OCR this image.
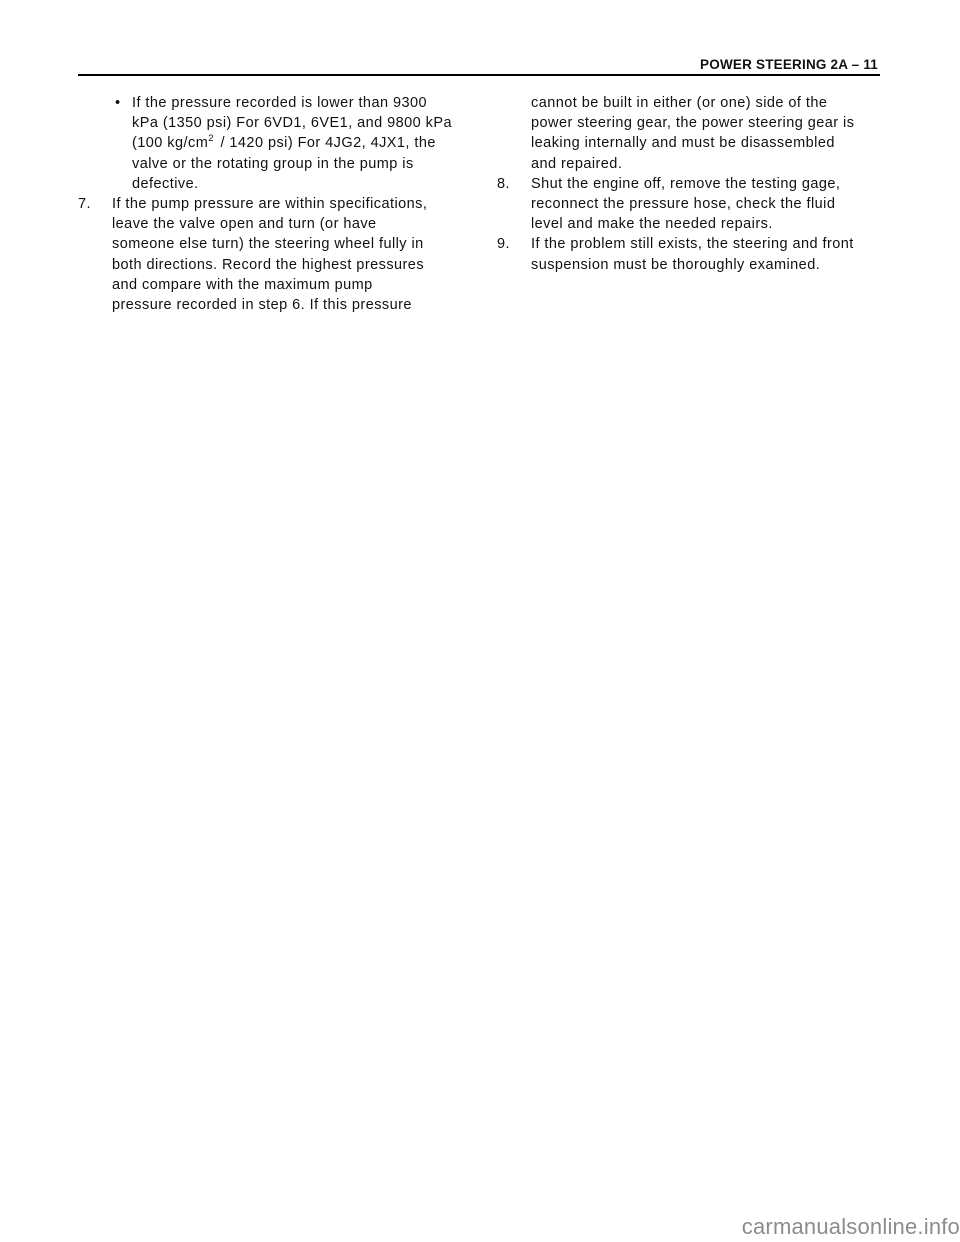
POWER STEERING 2A – 11
• If the pressure recorded is lower than 9300
kPa (1350 psi) For 6VD1, 6VE1, and 9800 kPa
(100 $kg/cm^2 / 1420$ psi) For 4JG2, 4JX1, the
valve or the rotating group in the pump is
defective.
7. If the pump pressure are within specifications,
leave the valve open and turn (or have
someone else turn) the steering wheel fully in
both directions. Record the highest pressures
and compare with the maximum pump
pressure recorded in step 6. If this pressure
cannot be built in either (or one) side of the
power steering gear, the power steering gear is
leaking internally and must be disassembled
and repaired.
8. Shut the engine off, remove the testing gage,
reconnect the pressure hose, check the fluid
level and make the needed repairs.
9. If the problem still exists, the steering and front
suspension must be thoroughly examined.
carmanualsonline.info
